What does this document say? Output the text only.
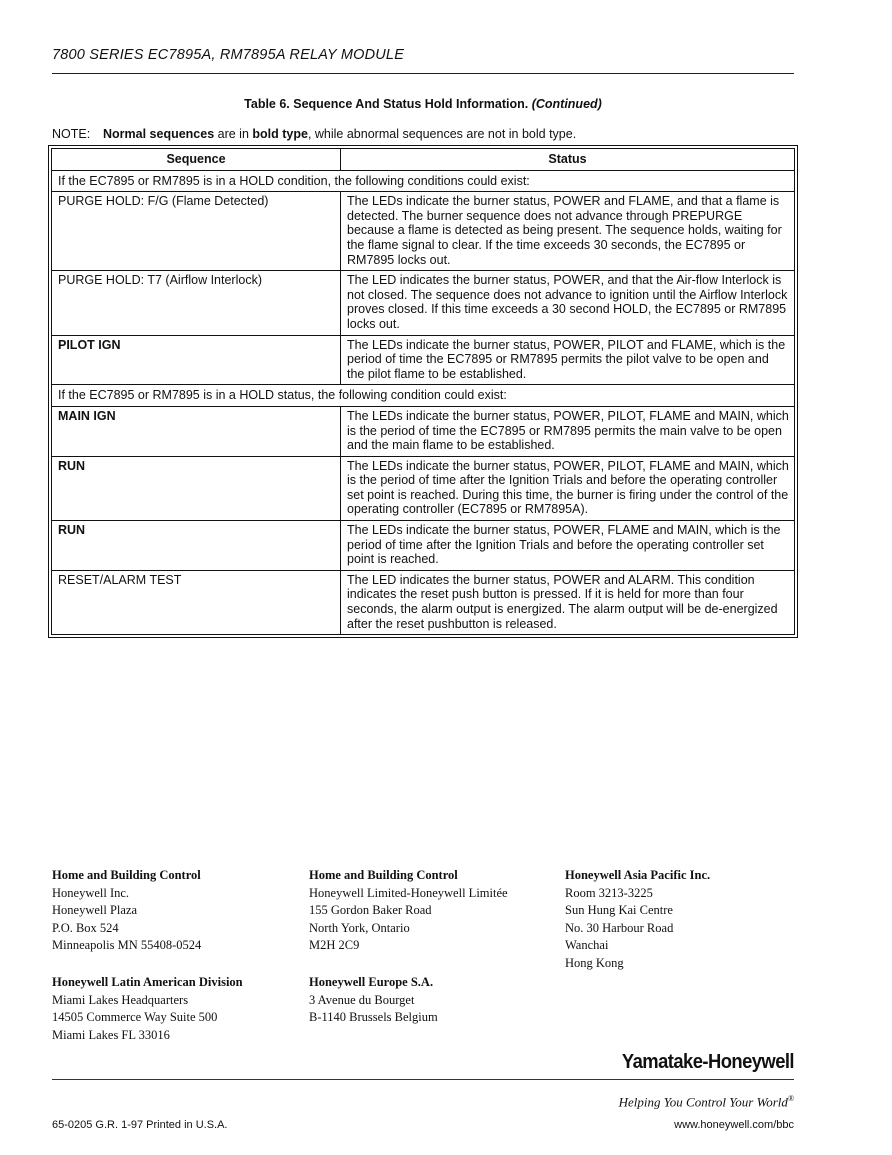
7800 SERIES EC7895A, RM7895A RELAY MODULE
Table 6. Sequence And Status Hold Information. (Continued)
NOTE: Normal sequences are in bold type, while abnormal sequences are not in bold type.
Sequence	Status
If the EC7895 or RM7895 is in a HOLD condition, the following conditions could exist:	
PURGE HOLD: F/G (Flame Detected)	The LEDs indicate the burner status, POWER and FLAME, and that a flame is detected. The burner sequence does not advance through PREPURGE because a flame is detected as being present. The sequence holds, waiting for the flame signal to clear. If the time exceeds 30 seconds, the EC7895 or RM7895 locks out.
PURGE HOLD: T7 (Airflow Interlock)	The LED indicates the burner status, POWER, and that the Air-flow Interlock is not closed. The sequence does not advance to ignition until the Airflow Interlock proves closed. If this time exceeds a 30 second HOLD, the EC7895 or RM7895 locks out.
PILOT IGN	The LEDs indicate the burner status, POWER, PILOT and FLAME, which is the period of time the EC7895 or RM7895 permits the pilot valve to be open and the pilot flame to be established.
If the EC7895 or RM7895 is in a HOLD status, the following condition could exist:	
MAIN IGN	The LEDs indicate the burner status, POWER, PILOT, FLAME and MAIN, which is the period of time the EC7895 or RM7895 permits the main valve to be open and the main flame to be established.
RUN	The LEDs indicate the burner status, POWER, PILOT, FLAME and MAIN, which is the period of time after the Ignition Trials and before the operating controller set point is reached. During this time, the burner is firing under the control of the operating controller (EC7895 or RM7895A).
RUN	The LEDs indicate the burner status, POWER, FLAME and MAIN, which is the period of time after the Ignition Trials and before the operating controller set point is reached.
RESET/ALARM TEST	The LED indicates the burner status, POWER and ALARM. This condition indicates the reset push button is pressed. If it is held for more than four seconds, the alarm output is energized. The alarm output will be de-energized after the reset pushbutton is released.
Home and Building Control
Honeywell Inc.
Honeywell Plaza
P.O. Box 524
Minneapolis MN 55408-0524
Home and Building Control
Honeywell Limited-Honeywell Limitée
155 Gordon Baker Road
North York, Ontario
M2H 2C9
Honeywell Asia Pacific Inc.
Room 3213-3225
Sun Hung Kai Centre
No. 30 Harbour Road
Wanchai
Hong Kong
Honeywell Latin American Division
Miami Lakes Headquarters
14505 Commerce Way Suite 500
Miami Lakes FL 33016
Honeywell Europe S.A.
3 Avenue du Bourget
B-1140 Brussels Belgium
Yamatake-Honeywell
Helping You Control Your World®
65-0205 G.R. 1-97 Printed in U.S.A.	www.honeywell.com/bbc
